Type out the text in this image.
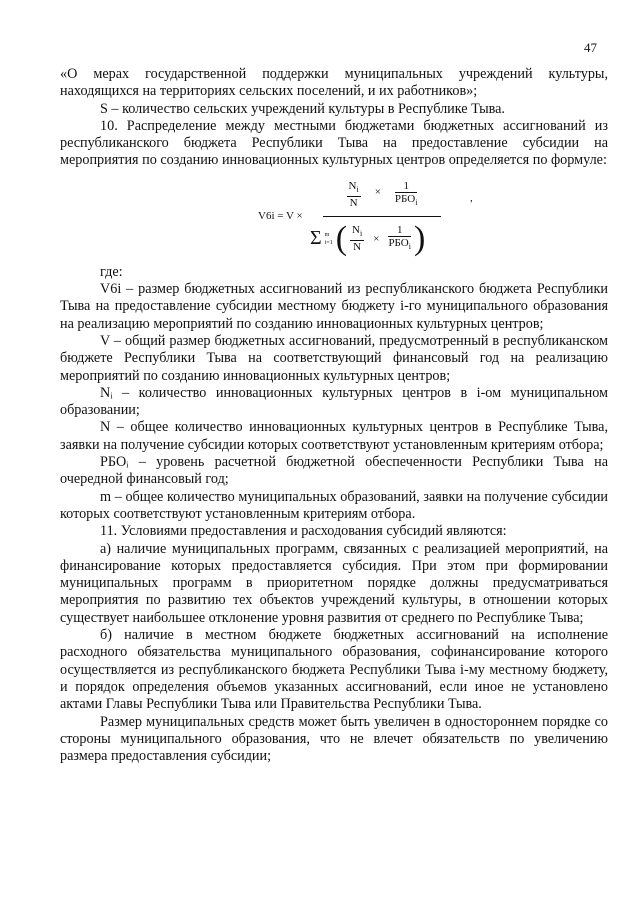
47

«О мерах государственной поддержки муниципальных учреждений культуры, находящихся на территориях сельских поселений, и их работников»;

S – количество сельских учреждений культуры в Республике Тыва.

10. Распределение между местными бюджетами бюджетных ассигнований из республиканского бюджета Республики Тыва на предоставление субсидии на мероприятия по созданию инновационных культурных центров определяется по формуле:

V6i = V ×
$\frac{N_i}{N}$ ×	1
$РБО_i$
Σ m
i=1 ( $\frac{N_i}{N}$ ×
1
$РБО_i$ )
,

где:

V6i – размер бюджетных ассигнований из республиканского бюджета Республики Тыва на предоставление субсидии местному бюджету i-го муниципального образования на реализацию мероприятий по созданию инновационных культурных центров;

V – общий размер бюджетных ассигнований, предусмотренный в республиканском бюджете Республики Тыва на соответствующий финансовый год на реализацию мероприятий по созданию инновационных культурных центров;

Nᵢ – количество инновационных культурных центров в i-ом муниципальном образовании;

N – общее количество инновационных культурных центров в Республике Тыва, заявки на получение субсидии которых соответствуют установленным критериям отбора;

РБОᵢ – уровень расчетной бюджетной обеспеченности Республики Тыва на очередной финансовый год;

m – общее количество муниципальных образований, заявки на получение субсидии которых соответствуют установленным критериям отбора.

11. Условиями предоставления и расходования субсидий являются:

а) наличие муниципальных программ, связанных с реализацией мероприятий, на финансирование которых предоставляется субсидия. При этом при формировании муниципальных программ в приоритетном порядке должны предусматриваться мероприятия по развитию тех объектов учреждений культуры, в отношении которых существует наибольшее отклонение уровня развития от среднего по Республике Тыва;

б) наличие в местном бюджете бюджетных ассигнований на исполнение расходного обязательства муниципального образования, софинансирование которого осуществляется из республиканского бюджета Республики Тыва i-му местному бюджету, и порядок определения объемов указанных ассигнований, если иное не установлено актами Главы Республики Тыва или Правительства Республики Тыва.

Размер муниципальных средств может быть увеличен в одностороннем порядке со стороны муниципального образования, что не влечет обязательств по увеличению размера предоставления субсидии;
